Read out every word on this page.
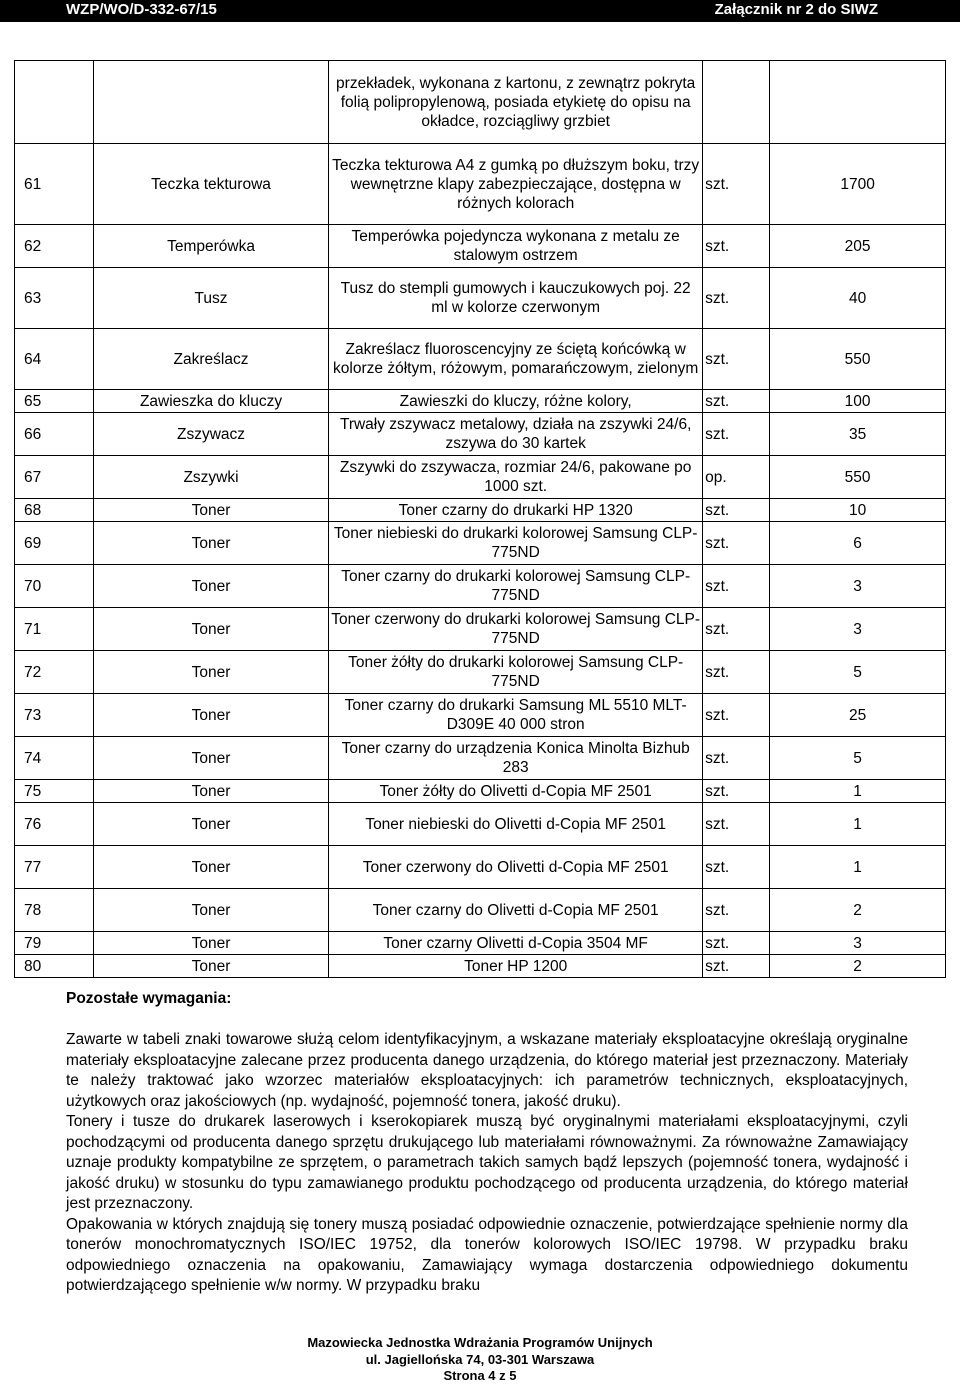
WZP/WO/D-332-67/15	Załącznik nr 2 do SIWZ
		przekładek, wykonana z kartonu, z zewnątrz pokryta folią polipropylenową, posiada etykietę do opisu na okładce, rozciągliwy grzbiet		
61	Teczka tekturowa	Teczka tekturowa A4 z gumką po dłuższym boku, trzy wewnętrzne klapy zabezpieczające, dostępna w różnych kolorach	szt.	1700
62	Temperówka	Temperówka pojedyncza wykonana z metalu ze stalowym ostrzem	szt.	205
63	Tusz	Tusz do stempli gumowych i kauczukowych poj. 22 ml w kolorze czerwonym	szt.	40
64	Zakreślacz	Zakreślacz fluoroscencyjny ze ściętą końcówką w kolorze żółtym, różowym, pomarańczowym, zielonym	szt.	550
65	Zawieszka do kluczy	Zawieszki do kluczy, różne kolory,	szt.	100
66	Zszywacz	Trwały zszywacz metalowy, działa na zszywki 24/6, zszywa do 30 kartek	szt.	35
67	Zszywki	Zszywki do zszywacza, rozmiar 24/6, pakowane po 1000 szt.	op.	550
68	Toner	Toner czarny do drukarki HP 1320	szt.	10
69	Toner	Toner niebieski do drukarki kolorowej Samsung CLP-775ND	szt.	6
70	Toner	Toner czarny do drukarki kolorowej Samsung CLP-775ND	szt.	3
71	Toner	Toner czerwony do drukarki kolorowej Samsung CLP-775ND	szt.	3
72	Toner	Toner żółty do drukarki kolorowej Samsung CLP-775ND	szt.	5
73	Toner	Toner czarny do drukarki Samsung ML 5510 MLT-D309E 40 000 stron	szt.	25
74	Toner	Toner czarny do urządzenia Konica Minolta Bizhub 283	szt.	5
75	Toner	Toner żółty do Olivetti d-Copia MF 2501	szt.	1
76	Toner	Toner niebieski do Olivetti d-Copia MF 2501	szt.	1
77	Toner	Toner czerwony do Olivetti d-Copia MF 2501	szt.	1
78	Toner	Toner czarny do Olivetti d-Copia MF 2501	szt.	2
79	Toner	Toner czarny Olivetti d-Copia 3504 MF	szt.	3
80	Toner	Toner HP 1200	szt.	2
Pozostałe wymagania:

Zawarte w tabeli znaki towarowe służą celom identyfikacyjnym, a wskazane materiały eksploatacyjne określają oryginalne materiały eksploatacyjne zalecane przez producenta danego urządzenia, do którego materiał jest przeznaczony. Materiały te należy traktować jako wzorzec materiałów eksploatacyjnych: ich parametrów technicznych, eksploatacyjnych, użytkowych oraz jakościowych (np. wydajność, pojemność tonera, jakość druku).

Tonery i tusze do drukarek laserowych i kserokopiarek muszą być oryginalnymi materiałami eksploatacyjnymi, czyli pochodzącymi od producenta danego sprzętu drukującego lub materiałami równoważnymi. Za równoważne Zamawiający uznaje produkty kompatybilne ze sprzętem, o parametrach takich samych bądź lepszych (pojemność tonera, wydajność i jakość druku) w stosunku do typu zamawianego produktu pochodzącego od producenta urządzenia, do którego materiał jest przeznaczony.

Opakowania w których znajdują się tonery muszą posiadać odpowiednie oznaczenie, potwierdzające spełnienie normy dla tonerów monochromatycznych ISO/IEC 19752, dla tonerów kolorowych ISO/IEC 19798. W przypadku braku odpowiedniego oznaczenia na opakowaniu, Zamawiający wymaga dostarczenia odpowiedniego dokumentu potwierdzającego spełnienie w/w normy. W przypadku braku

Mazowiecka Jednostka Wdrażania Programów Unijnych
ul. Jagiellońska 74, 03-301 Warszawa
Strona 4 z 5
